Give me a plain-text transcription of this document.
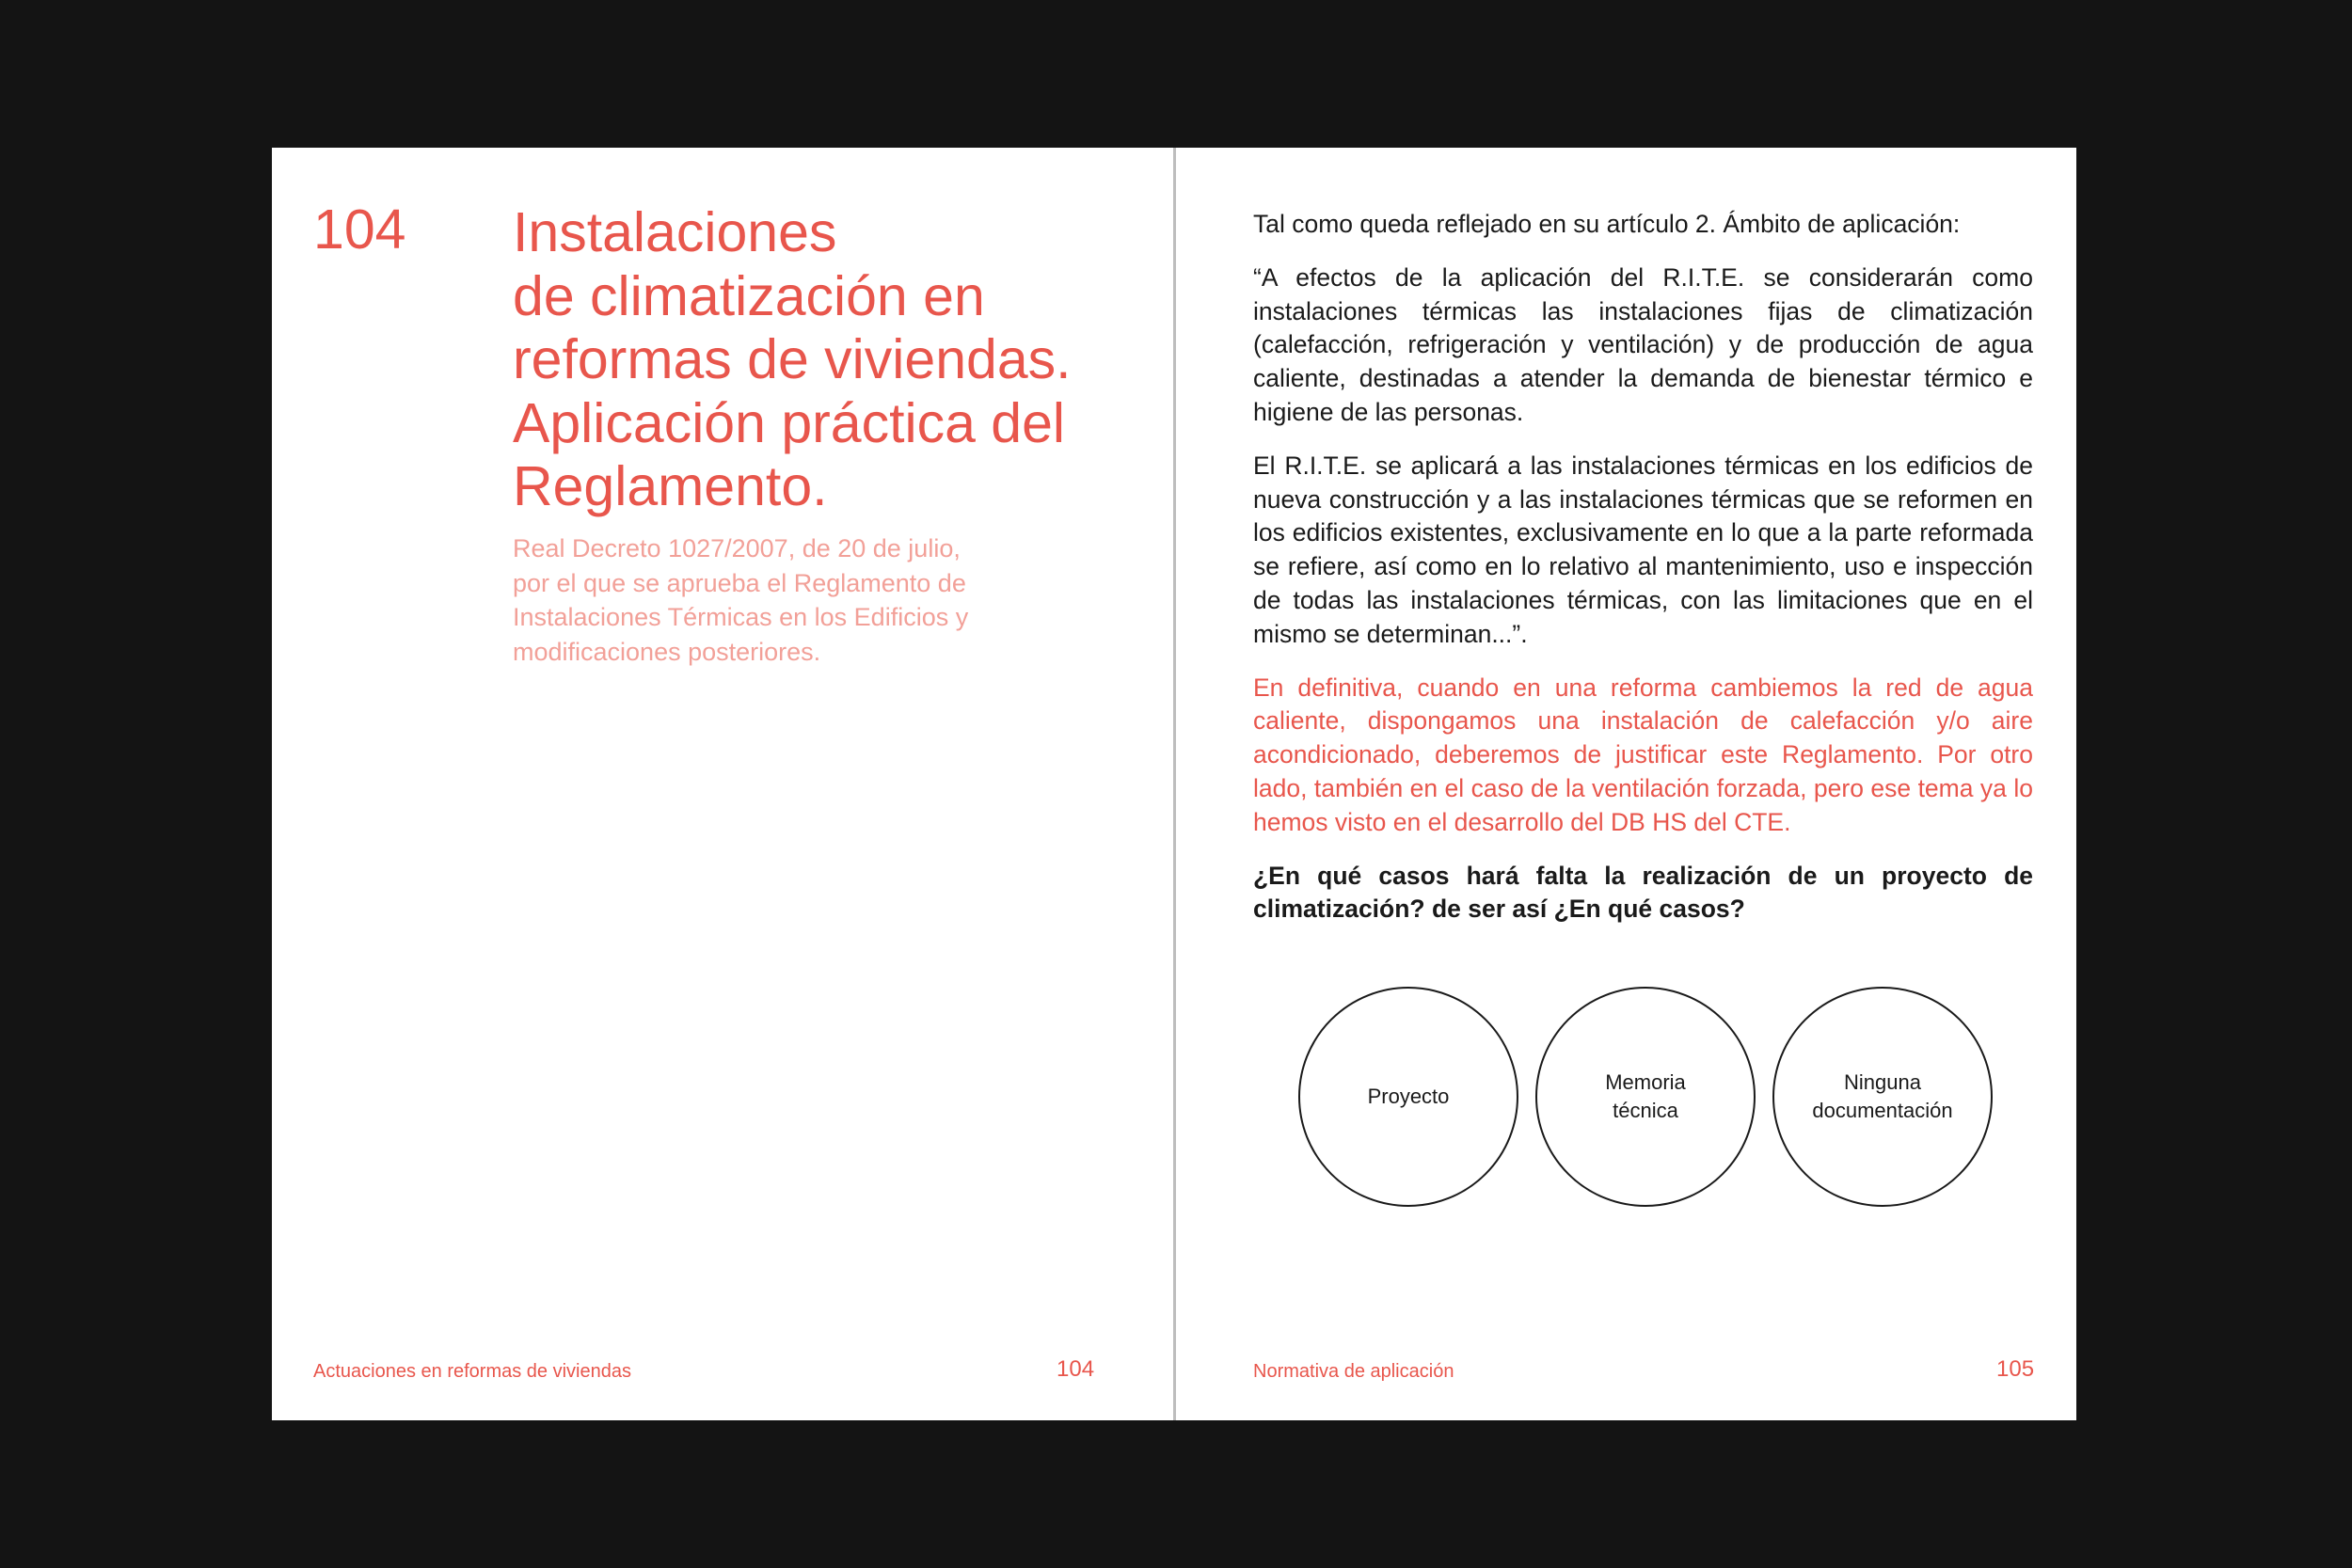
104 Instalaciones
de climatización en
reformas de viviendas.
Aplicación práctica del
Reglamento.
Real Decreto 1027/2007, de 20 de julio,
por el que se aprueba el Reglamento de
Instalaciones Térmicas en los Edificios y
modificaciones posteriores.
Actuaciones en reformas de viviendas	104

Tal como queda reflejado en su artículo 2. Ámbito de aplicación:

“A efectos de la aplicación del R.I.T.E. se considerarán como instalaciones térmicas las instalaciones fijas de climatización (calefacción, refrigeración y ventilación) y de producción de agua caliente, destinadas a atender la demanda de bienestar térmico e higiene de las personas.

El R.I.T.E. se aplicará a las instalaciones térmicas en los edificios de nueva construcción y a las instalaciones térmicas que se reformen en los edificios existentes, exclusivamente en lo que a la parte reformada se refiere, así como en lo relativo al mantenimiento, uso e inspección de todas las instalaciones térmicas, con las limitaciones que en el mismo se determinan...”.

En definitiva, cuando en una reforma cambiemos la red de agua caliente, dispongamos una instalación de calefacción y/o aire acondicionado, deberemos de justificar este Reglamento. Por otro lado, también en el caso de la ventilación forzada, pero ese tema ya lo hemos visto en el desarrollo del DB HS del CTE.

¿En qué casos hará falta la realización de un proyecto de climatización? de ser así ¿En qué casos?

Proyecto
Memoria
técnica
Ninguna
documentación
Normativa de aplicación	105
